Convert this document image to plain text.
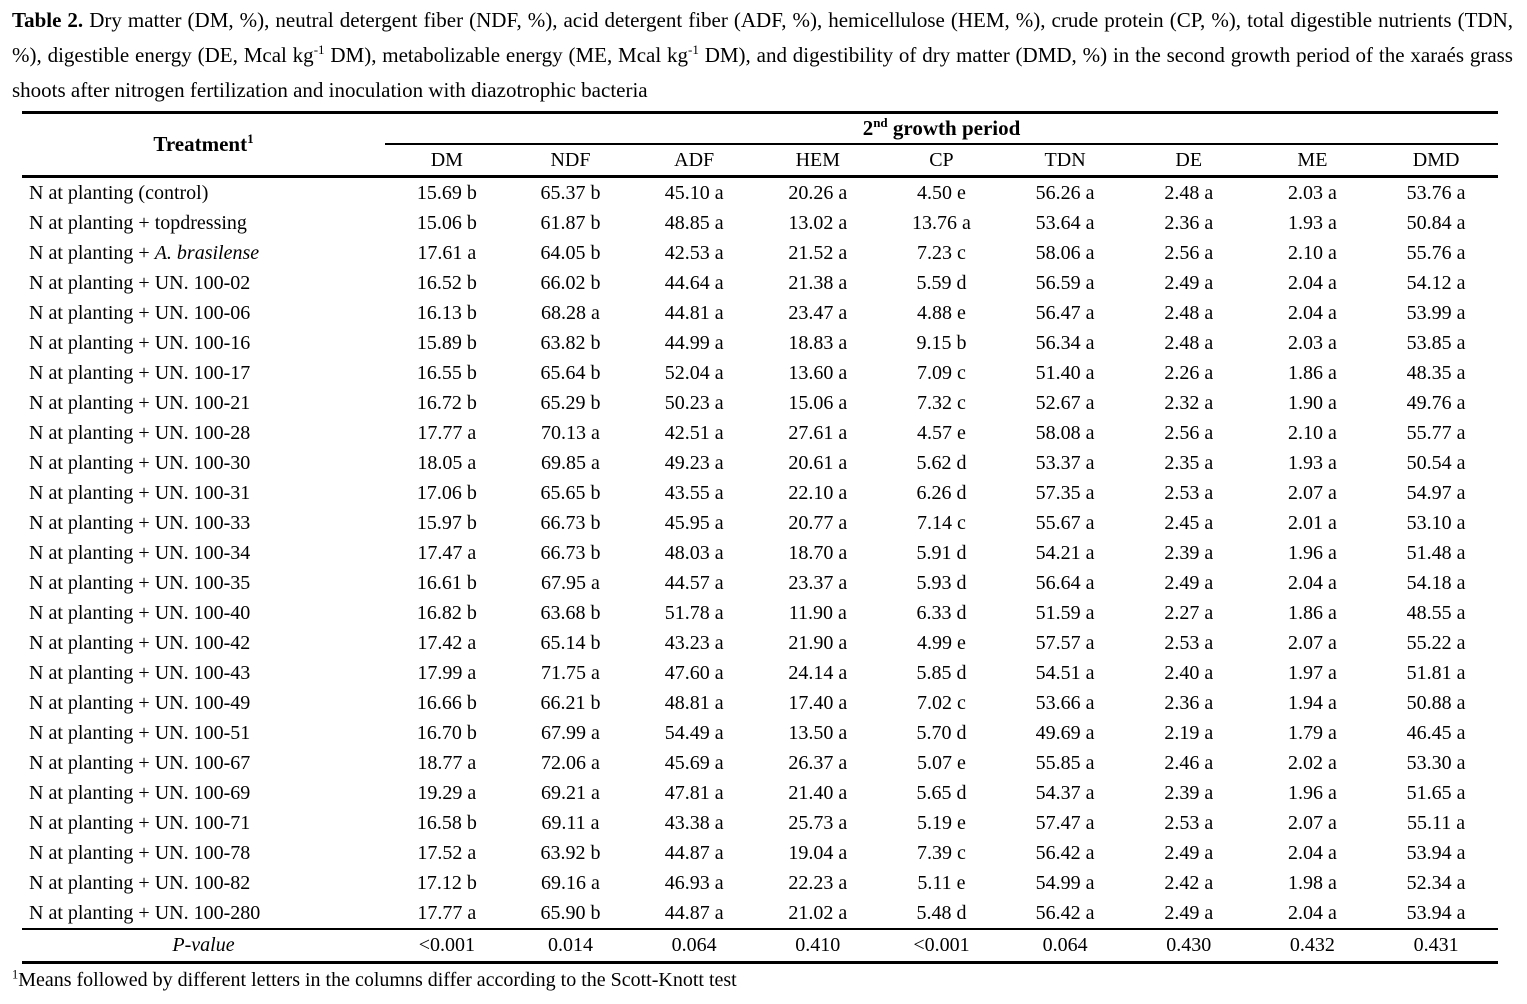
Table 2. Dry matter (DM, %), neutral detergent fiber (NDF, %), acid detergent fiber (ADF, %), hemicellulose (HEM, %), crude protein (CP, %), total digestible nutrients (TDN, %), digestible energy (DE, Mcal $kg^{-1}$ DM), metabolizable energy (ME, Mcal $kg^{-1}$ DM), and digestibility of dry matter (DMD, %) in the second growth period of the xaraés grass shoots after nitrogen fertilization and inoculation with diazotrophic bacteria

Treatment$^1$	2nd growth period								
	DM	NDF	ADF	HEM	CP	TDN	DE	ME	DMD
N at planting (control)	15.69 b	65.37 b	45.10 a	20.26 a	4.50 e	56.26 a	2.48 a	2.03 a	53.76 a
N at planting + topdressing	15.06 b	61.87 b	48.85 a	13.02 a	13.76 a	53.64 a	2.36 a	1.93 a	50.84 a
N at planting + A. brasilense	17.61 a	64.05 b	42.53 a	21.52 a	7.23 c	58.06 a	2.56 a	2.10 a	55.76 a
N at planting + UN. 100-02	16.52 b	66.02 b	44.64 a	21.38 a	5.59 d	56.59 a	2.49 a	2.04 a	54.12 a
N at planting + UN. 100-06	16.13 b	68.28 a	44.81 a	23.47 a	4.88 e	56.47 a	2.48 a	2.04 a	53.99 a
N at planting + UN. 100-16	15.89 b	63.82 b	44.99 a	18.83 a	9.15 b	56.34 a	2.48 a	2.03 a	53.85 a
N at planting + UN. 100-17	16.55 b	65.64 b	52.04 a	13.60 a	7.09 c	51.40 a	2.26 a	1.86 a	48.35 a
N at planting + UN. 100-21	16.72 b	65.29 b	50.23 a	15.06 a	7.32 c	52.67 a	2.32 a	1.90 a	49.76 a
N at planting + UN. 100-28	17.77 a	70.13 a	42.51 a	27.61 a	4.57 e	58.08 a	2.56 a	2.10 a	55.77 a
N at planting + UN. 100-30	18.05 a	69.85 a	49.23 a	20.61 a	5.62 d	53.37 a	2.35 a	1.93 a	50.54 a
N at planting + UN. 100-31	17.06 b	65.65 b	43.55 a	22.10 a	6.26 d	57.35 a	2.53 a	2.07 a	54.97 a
N at planting + UN. 100-33	15.97 b	66.73 b	45.95 a	20.77 a	7.14 c	55.67 a	2.45 a	2.01 a	53.10 a
N at planting + UN. 100-34	17.47 a	66.73 b	48.03 a	18.70 a	5.91 d	54.21 a	2.39 a	1.96 a	51.48 a
N at planting + UN. 100-35	16.61 b	67.95 a	44.57 a	23.37 a	5.93 d	56.64 a	2.49 a	2.04 a	54.18 a
N at planting + UN. 100-40	16.82 b	63.68 b	51.78 a	11.90 a	6.33 d	51.59 a	2.27 a	1.86 a	48.55 a
N at planting + UN. 100-42	17.42 a	65.14 b	43.23 a	21.90 a	4.99 e	57.57 a	2.53 a	2.07 a	55.22 a
N at planting + UN. 100-43	17.99 a	71.75 a	47.60 a	24.14 a	5.85 d	54.51 a	2.40 a	1.97 a	51.81 a
N at planting + UN. 100-49	16.66 b	66.21 b	48.81 a	17.40 a	7.02 c	53.66 a	2.36 a	1.94 a	50.88 a
N at planting + UN. 100-51	16.70 b	67.99 a	54.49 a	13.50 a	5.70 d	49.69 a	2.19 a	1.79 a	46.45 a
N at planting + UN. 100-67	18.77 a	72.06 a	45.69 a	26.37 a	5.07 e	55.85 a	2.46 a	2.02 a	53.30 a
N at planting + UN. 100-69	19.29 a	69.21 a	47.81 a	21.40 a	5.65 d	54.37 a	2.39 a	1.96 a	51.65 a
N at planting + UN. 100-71	16.58 b	69.11 a	43.38 a	25.73 a	5.19 e	57.47 a	2.53 a	2.07 a	55.11 a
N at planting + UN. 100-78	17.52 a	63.92 b	44.87 a	19.04 a	7.39 c	56.42 a	2.49 a	2.04 a	53.94 a
N at planting + UN. 100-82	17.12 b	69.16 a	46.93 a	22.23 a	5.11 e	54.99 a	2.42 a	1.98 a	52.34 a
N at planting + UN. 100-280	17.77 a	65.90 b	44.87 a	21.02 a	5.48 d	56.42 a	2.49 a	2.04 a	53.94 a
P-value	<0.001	0.014	0.064	0.410	<0.001	0.064	0.430	0.432	0.431

$^1$Means followed by different letters in the columns differ according to the Scott-Knott test
